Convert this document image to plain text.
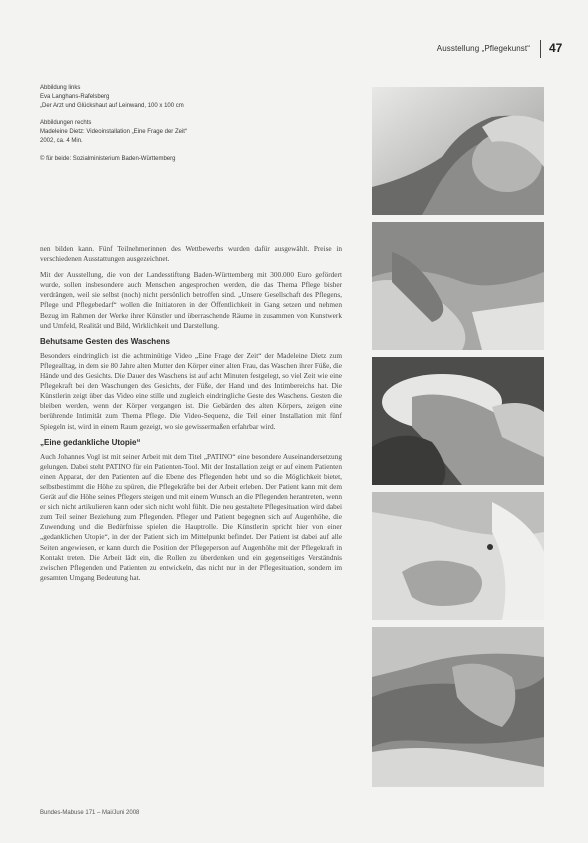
Ausstellung „Pflegekunst“ 47
Abbildung links
Eva Langhans-Rafelsberg
„Der Arzt und Glückshaut auf Leinwand, 100 x 100 cm
Abbildungen rechts
Madeleine Dietz: Videoinstallation „Eine Frage der Zeit“
2002, ca. 4 Min.
© für beide: Sozialministerium Baden-Württemberg

nen bilden kann. Fünf Teilnehmerinnen des Wettbewerbs wurden dafür ausgewählt. Preise in verschiedenen Ausstattungen ausgezeichnet.

Mit der Ausstellung, die von der Landesstiftung Baden-Württemberg mit 300.000 Euro gefördert wurde, sollen insbesondere auch Menschen angesprochen werden, die das Thema Pflege bisher verdrängen, weil sie selbst (noch) nicht persönlich betroffen sind. „Unsere Gesellschaft des Pflegens, Pflege und Pflegebedarf“ wollen die Initiatoren in der Öffentlichkeit in Gang setzen und nehmen Bezug im Rahmen der Werke ihrer Künstler und überraschende Räume in zusammen von Kunstwerk und Umfeld, Realität und Bild, Wirklichkeit und Darstellung.

Behutsame Gesten des Waschens

Besonders eindringlich ist die achtminütige Video „Eine Frage der Zeit“ der Madeleine Dietz zum Pflegealltag, in dem sie 80 Jahre alten Mutter den Körper einer alten Frau, das Waschen ihrer Füße, die Hände und des Gesichts. Die Dauer des Waschens ist auf acht Minuten festgelegt, so viel Zeit wie eine Pflegekraft bei den Waschungen des Gesichts, der Füße, der Hand und des Intimbereichs hat. Die Künstlerin zeigt über das Video eine stille und zugleich eindringliche Geste des Waschens. Gesten die bleiben werden, wenn der Körper vergangen ist. Die Gebärden des alten Körpers, zeigen eine berührende Intimität zum Thema Pflege. Die Video-Sequenz, die Teil einer Installation mit fünf Spiegeln ist, wird in einem Raum gezeigt, wo sie gewissermaßen erfahrbar wird.

„Eine gedankliche Utopie“

Auch Johannes Vogl ist mit seiner Arbeit mit dem Titel „PATINO“ eine besondere Auseinandersetzung gelungen. Dabei steht PATINO für ein Patienten-Tool. Mit der Installation zeigt er auf einem Patienten einen Apparat, der den Patienten auf die Ebene des Pflegenden hebt und so die Möglichkeit bietet, selbstbestimmt die Höhe zu spüren, die Pflegekräfte bei der Arbeit erleben. Der Patient kann mit dem Gerät auf die Höhe seines Pflegers steigen und mit einem Wunsch an die Pflegenden herantreten, wenn er sich nicht artikulieren kann oder sich nicht wohl fühlt. Die neu gestaltete Pflegesituation wird dabei zum Teil seiner Beziehung zum Pflegenden. Pfleger und Patient begegnen sich auf Augenhöhe, die Zuwendung und die Bedürfnisse spielen die Hauptrolle. Die Künstlerin spricht hier von einer „gedanklichen Utopie“, in der der Patient sich im Mittelpunkt befindet. Der Patient ist dabei auf alle Seiten angewiesen, er kann durch die Position der Pflegeperson auf Augenhöhe mit der Pflegekraft in Kontakt treten. Die Arbeit lädt ein, die Rollen zu überdenken und ein gegenseitiges Verständnis zwischen Pflegenden und Patienten zu entwickeln, das nicht nur in der Pflegesituation, sondern im gesamten Umgang Bedeutung hat.

Bundes-Mabuse 171 – Mai/Juni 2008
